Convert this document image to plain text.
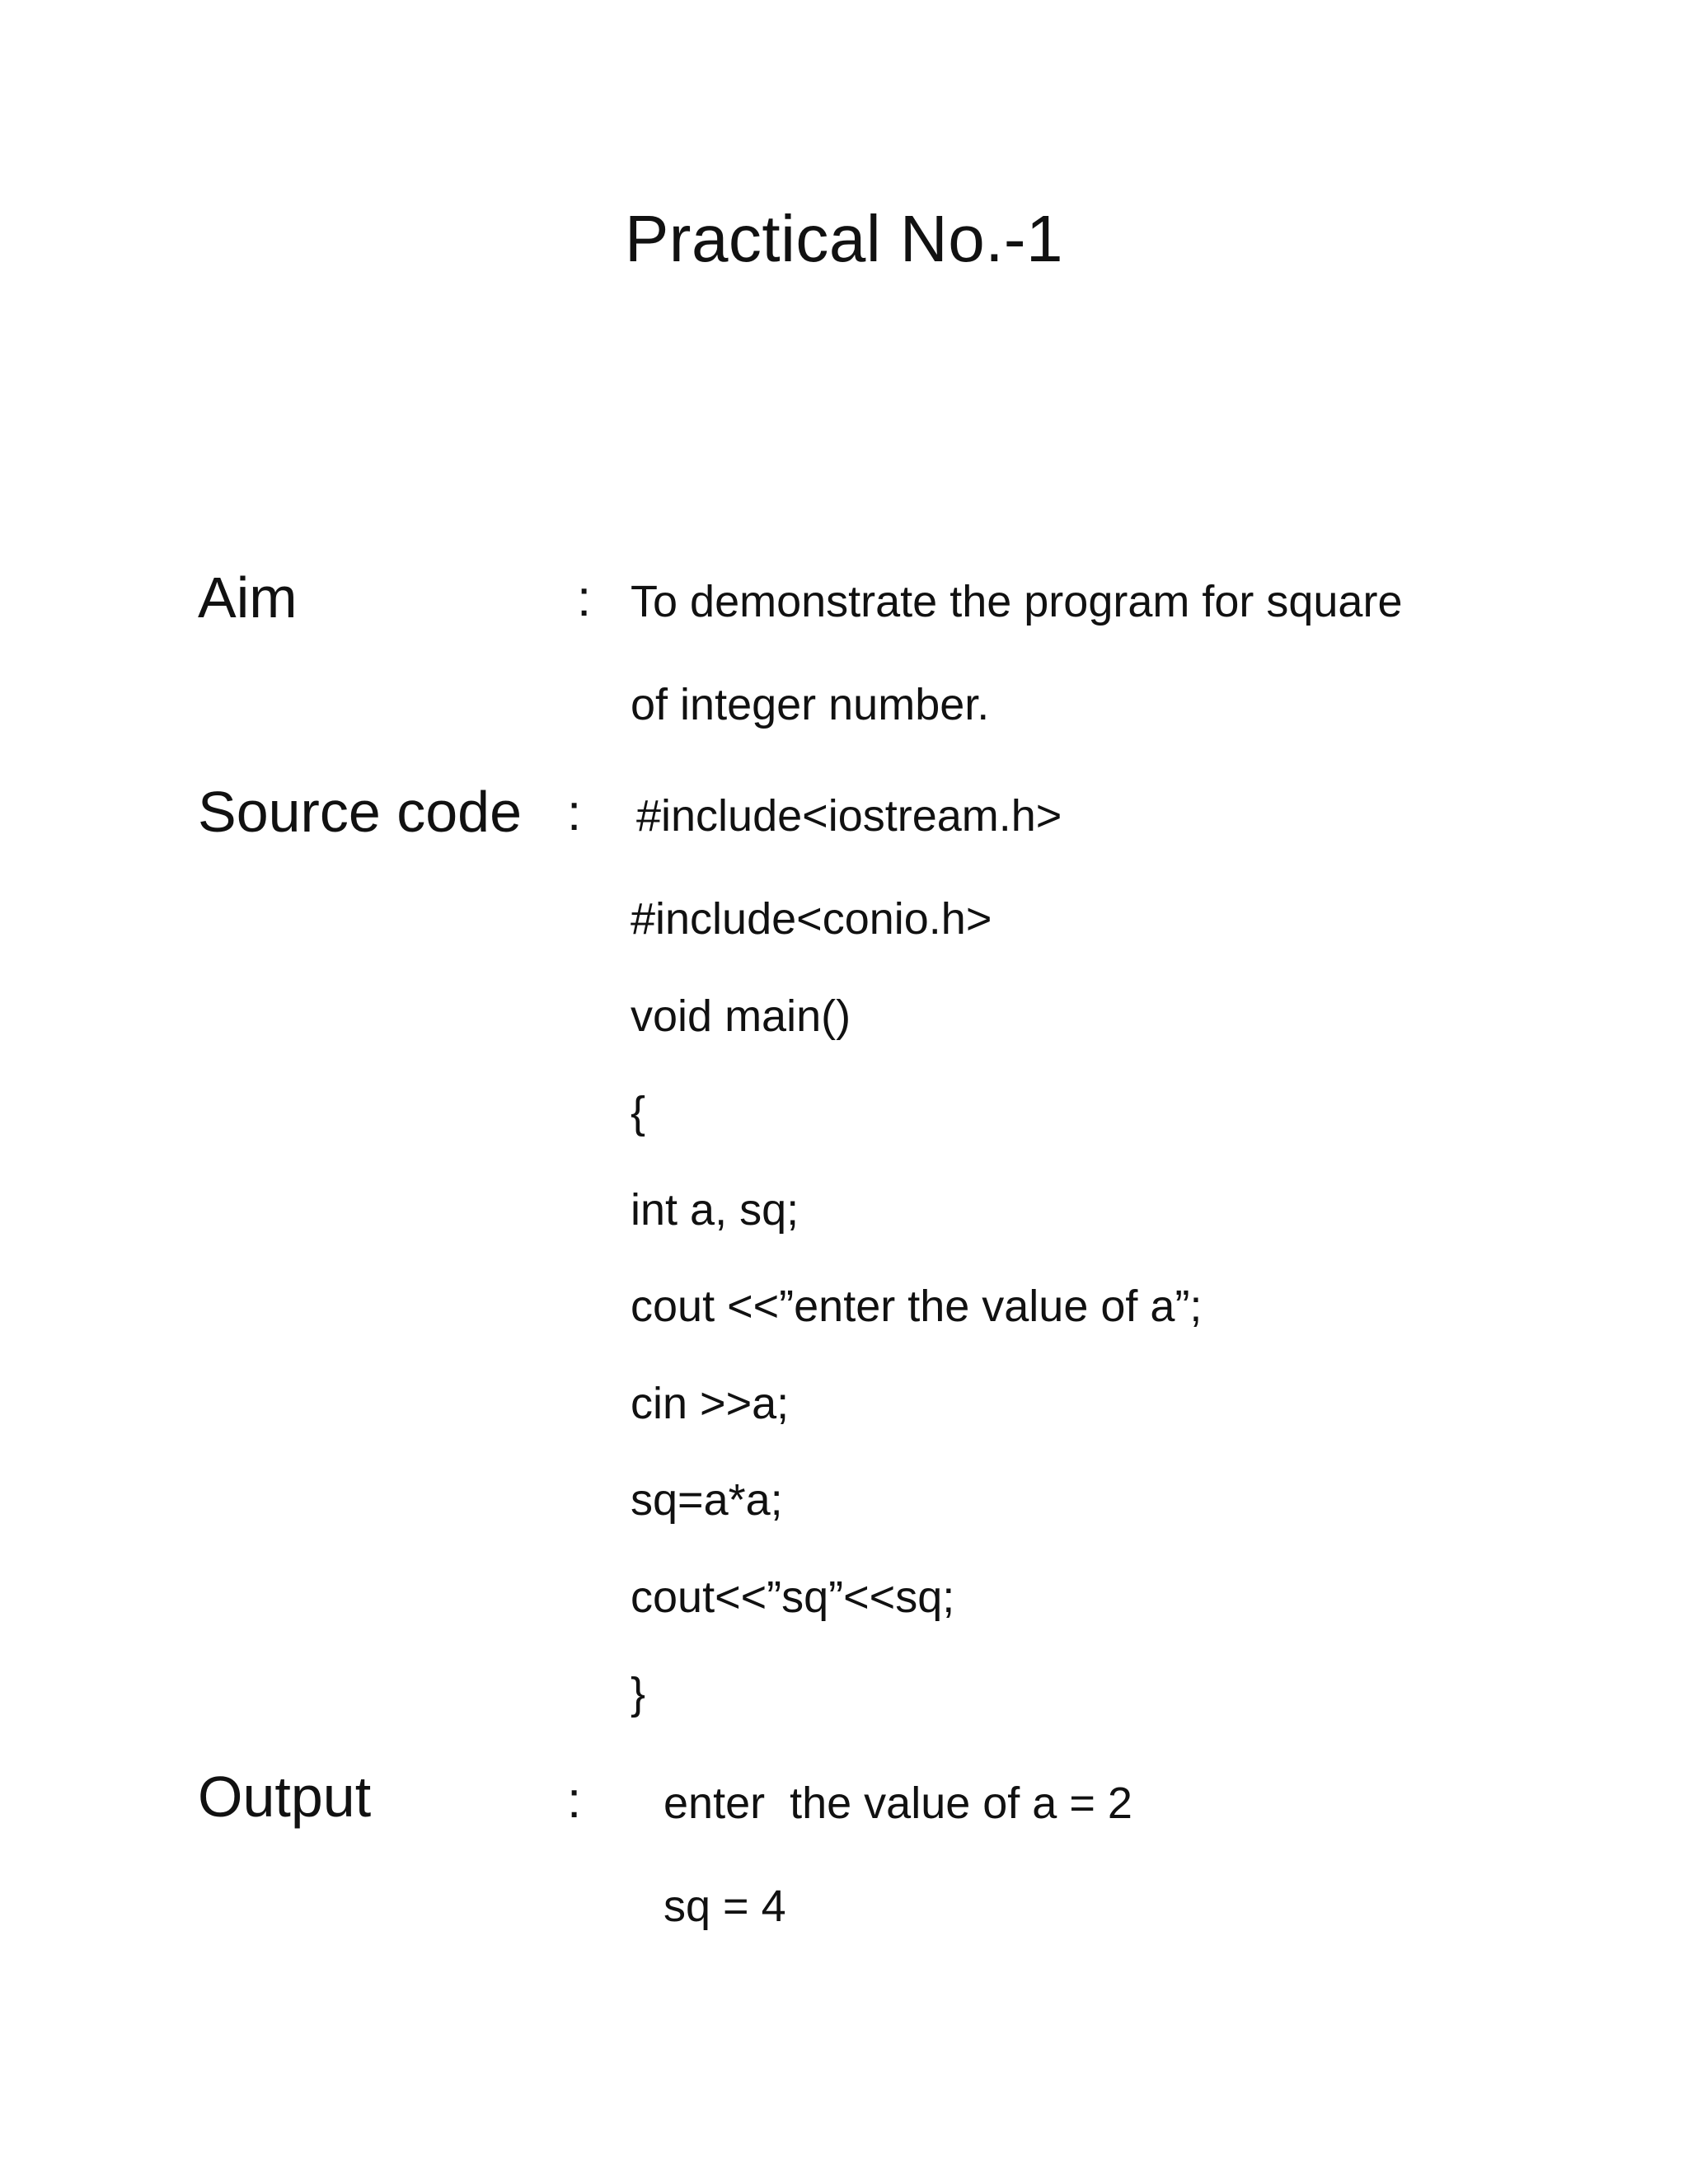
Practical No.-1
Aim	: To demonstrate the program for square
of integer number.
Source code : #include<iostream.h>
#include<conio.h>
void main()
{
int a, sq;
cout <<”enter the value of a”;
cin >>a;
sq=a*a;
cout<<”sq”<<sq;
}
Output	: enter  the value of a = 2
sq = 4
